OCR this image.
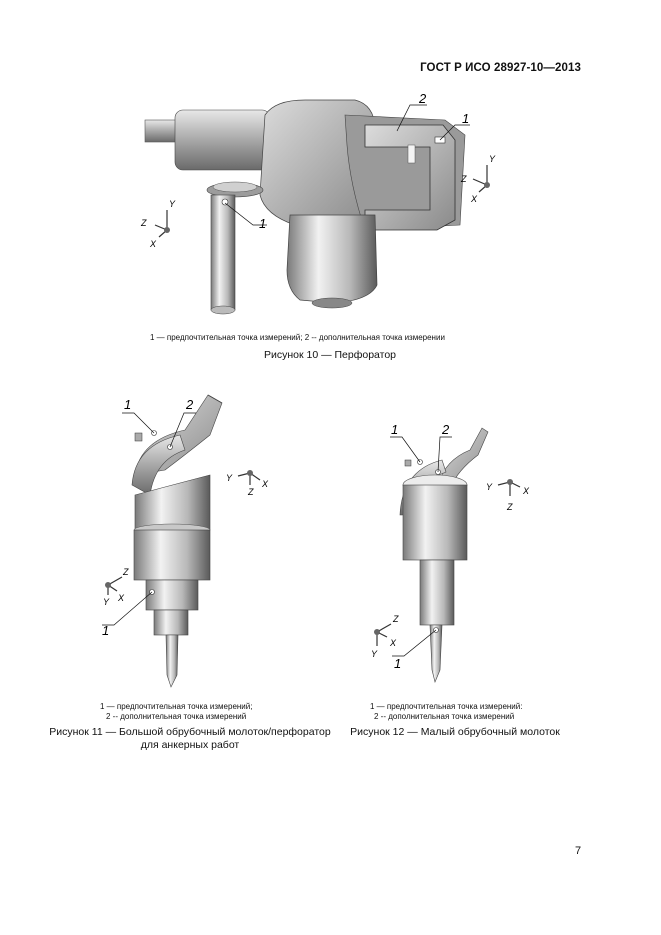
ГОСТ Р ИСО 28927-10—2013
1
2
1
Y
Z
X
Y
Z
X
1 — предпочтительная точка измерений; 2 -- дополнительная точка измерении
Рисунок 10 — Перфоратор
1	2
1
Y
Z
X
Z
Y
X
1 — предпочтительная точка измерений;
2 -- дополнительная точка измерений
Рисунок 11 — Большой обрубочный молоток/перфоратор
для анкерных работ
1	2
1
Y
Z
X
Z
Y	X
1 — предпочтительная точка измерений:
2 -- дополнительная точка измерений
Рисунок 12 — Малый обрубочный молоток
7
